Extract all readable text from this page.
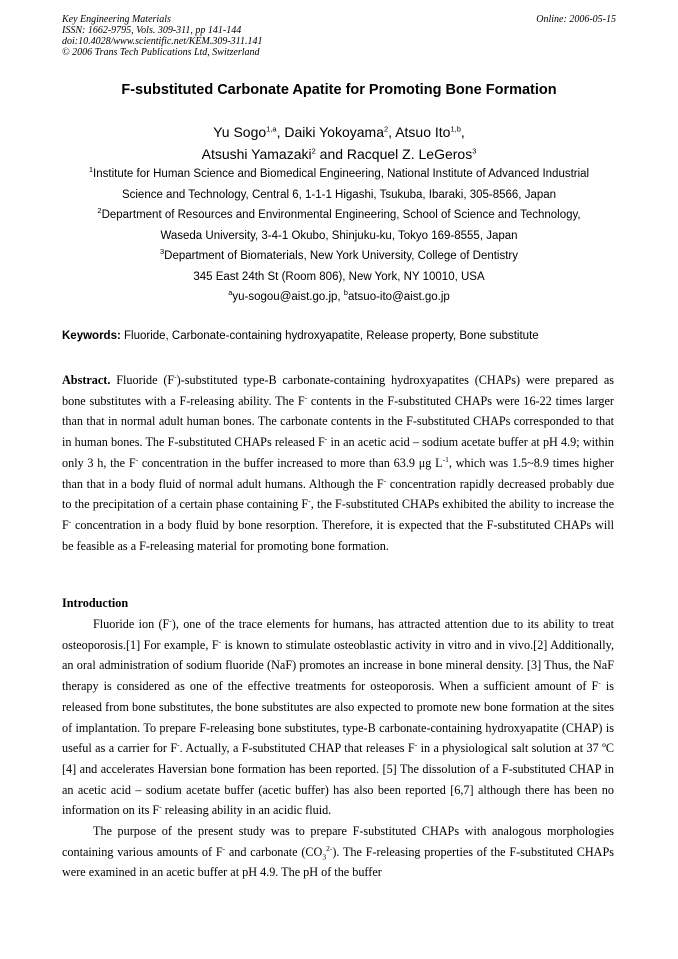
Key Engineering Materials
ISSN: 1662-9795, Vols. 309-311, pp 141-144
doi:10.4028/www.scientific.net/KEM.309-311.141
© 2006 Trans Tech Publications Ltd, Switzerland
Online: 2006-05-15
F-substituted Carbonate Apatite for Promoting Bone Formation
Yu Sogo$^{1,a}$, Daiki Yokoyama$^2$, Atsuo Ito$^{1,b}$,
Atsushi Yamazaki$^2$ and Racquel Z. LeGeros$^3$
$^1$Institute for Human Science and Biomedical Engineering, National Institute of Advanced Industrial
Science and Technology, Central 6, 1-1-1 Higashi, Tsukuba, Ibaraki, 305-8566, Japan
$^2$Department of Resources and Environmental Engineering, School of Science and Technology,
Waseda University, 3-4-1 Okubo, Shinjuku-ku, Tokyo 169-8555, Japan
$^3$Department of Biomaterials, New York University, College of Dentistry
345 East 24th St (Room 806), New York, NY 10010, USA
$^a$yu-sogou@aist.go.jp, $^b$atsuo-ito@aist.go.jp
Keywords: Fluoride, Carbonate-containing hydroxyapatite, Release property, Bone substitute
Abstract. Fluoride (F-)-substituted type-B carbonate-containing hydroxyapatites (CHAPs) were prepared as bone substitutes with a F-releasing ability. The F- contents in the F-substituted CHAPs were 16-22 times larger than that in normal adult human bones. The carbonate contents in the F-substituted CHAPs corresponded to that in human bones. The F-substituted CHAPs released F- in an acetic acid – sodium acetate buffer at pH 4.9; within only 3 h, the F- concentration in the buffer increased to more than 63.9 μg $L^{-1}$, which was 1.5~8.9 times higher than that in a body fluid of normal adult humans. Although the F- concentration rapidly decreased probably due to the precipitation of a certain phase containing F-, the F-substituted CHAPs exhibited the ability to increase the F- concentration in a body fluid by bone resorption. Therefore, it is expected that the F-substituted CHAPs will be feasible as a F-releasing material for promoting bone formation.
Introduction

Fluoride ion (F-), one of the trace elements for humans, has attracted attention due to its ability to treat osteoporosis.[1] For example, F- is known to stimulate osteoblastic activity in vitro and in vivo.[2] Additionally, an oral administration of sodium fluoride (NaF) promotes an increase in bone mineral density. [3] Thus, the NaF therapy is considered as one of the effective treatments for osteoporosis. When a sufficient amount of F- is released from bone substitutes, the bone substitutes are also expected to promote new bone formation at the sites of implantation. To prepare F-releasing bone substitutes, type-B carbonate-containing hydroxyapatite (CHAP) is useful as a carrier for F-. Actually, a F-substituted CHAP that releases F- in a physiological salt solution at 37 ºC [4] and accelerates Haversian bone formation has been reported. [5] The dissolution of a F-substituted CHAP in an acetic acid – sodium acetate buffer (acetic buffer) has also been reported [6,7] although there has been no information on its F- releasing ability in an acidic fluid.

The purpose of the present study was to prepare F-substituted CHAPs with analogous morphologies containing various amounts of F- and carbonate $(CO_3^{2-})$. The F-releasing properties of the F-substituted CHAPs were examined in an acetic buffer at pH 4.9. The pH of the buffer
